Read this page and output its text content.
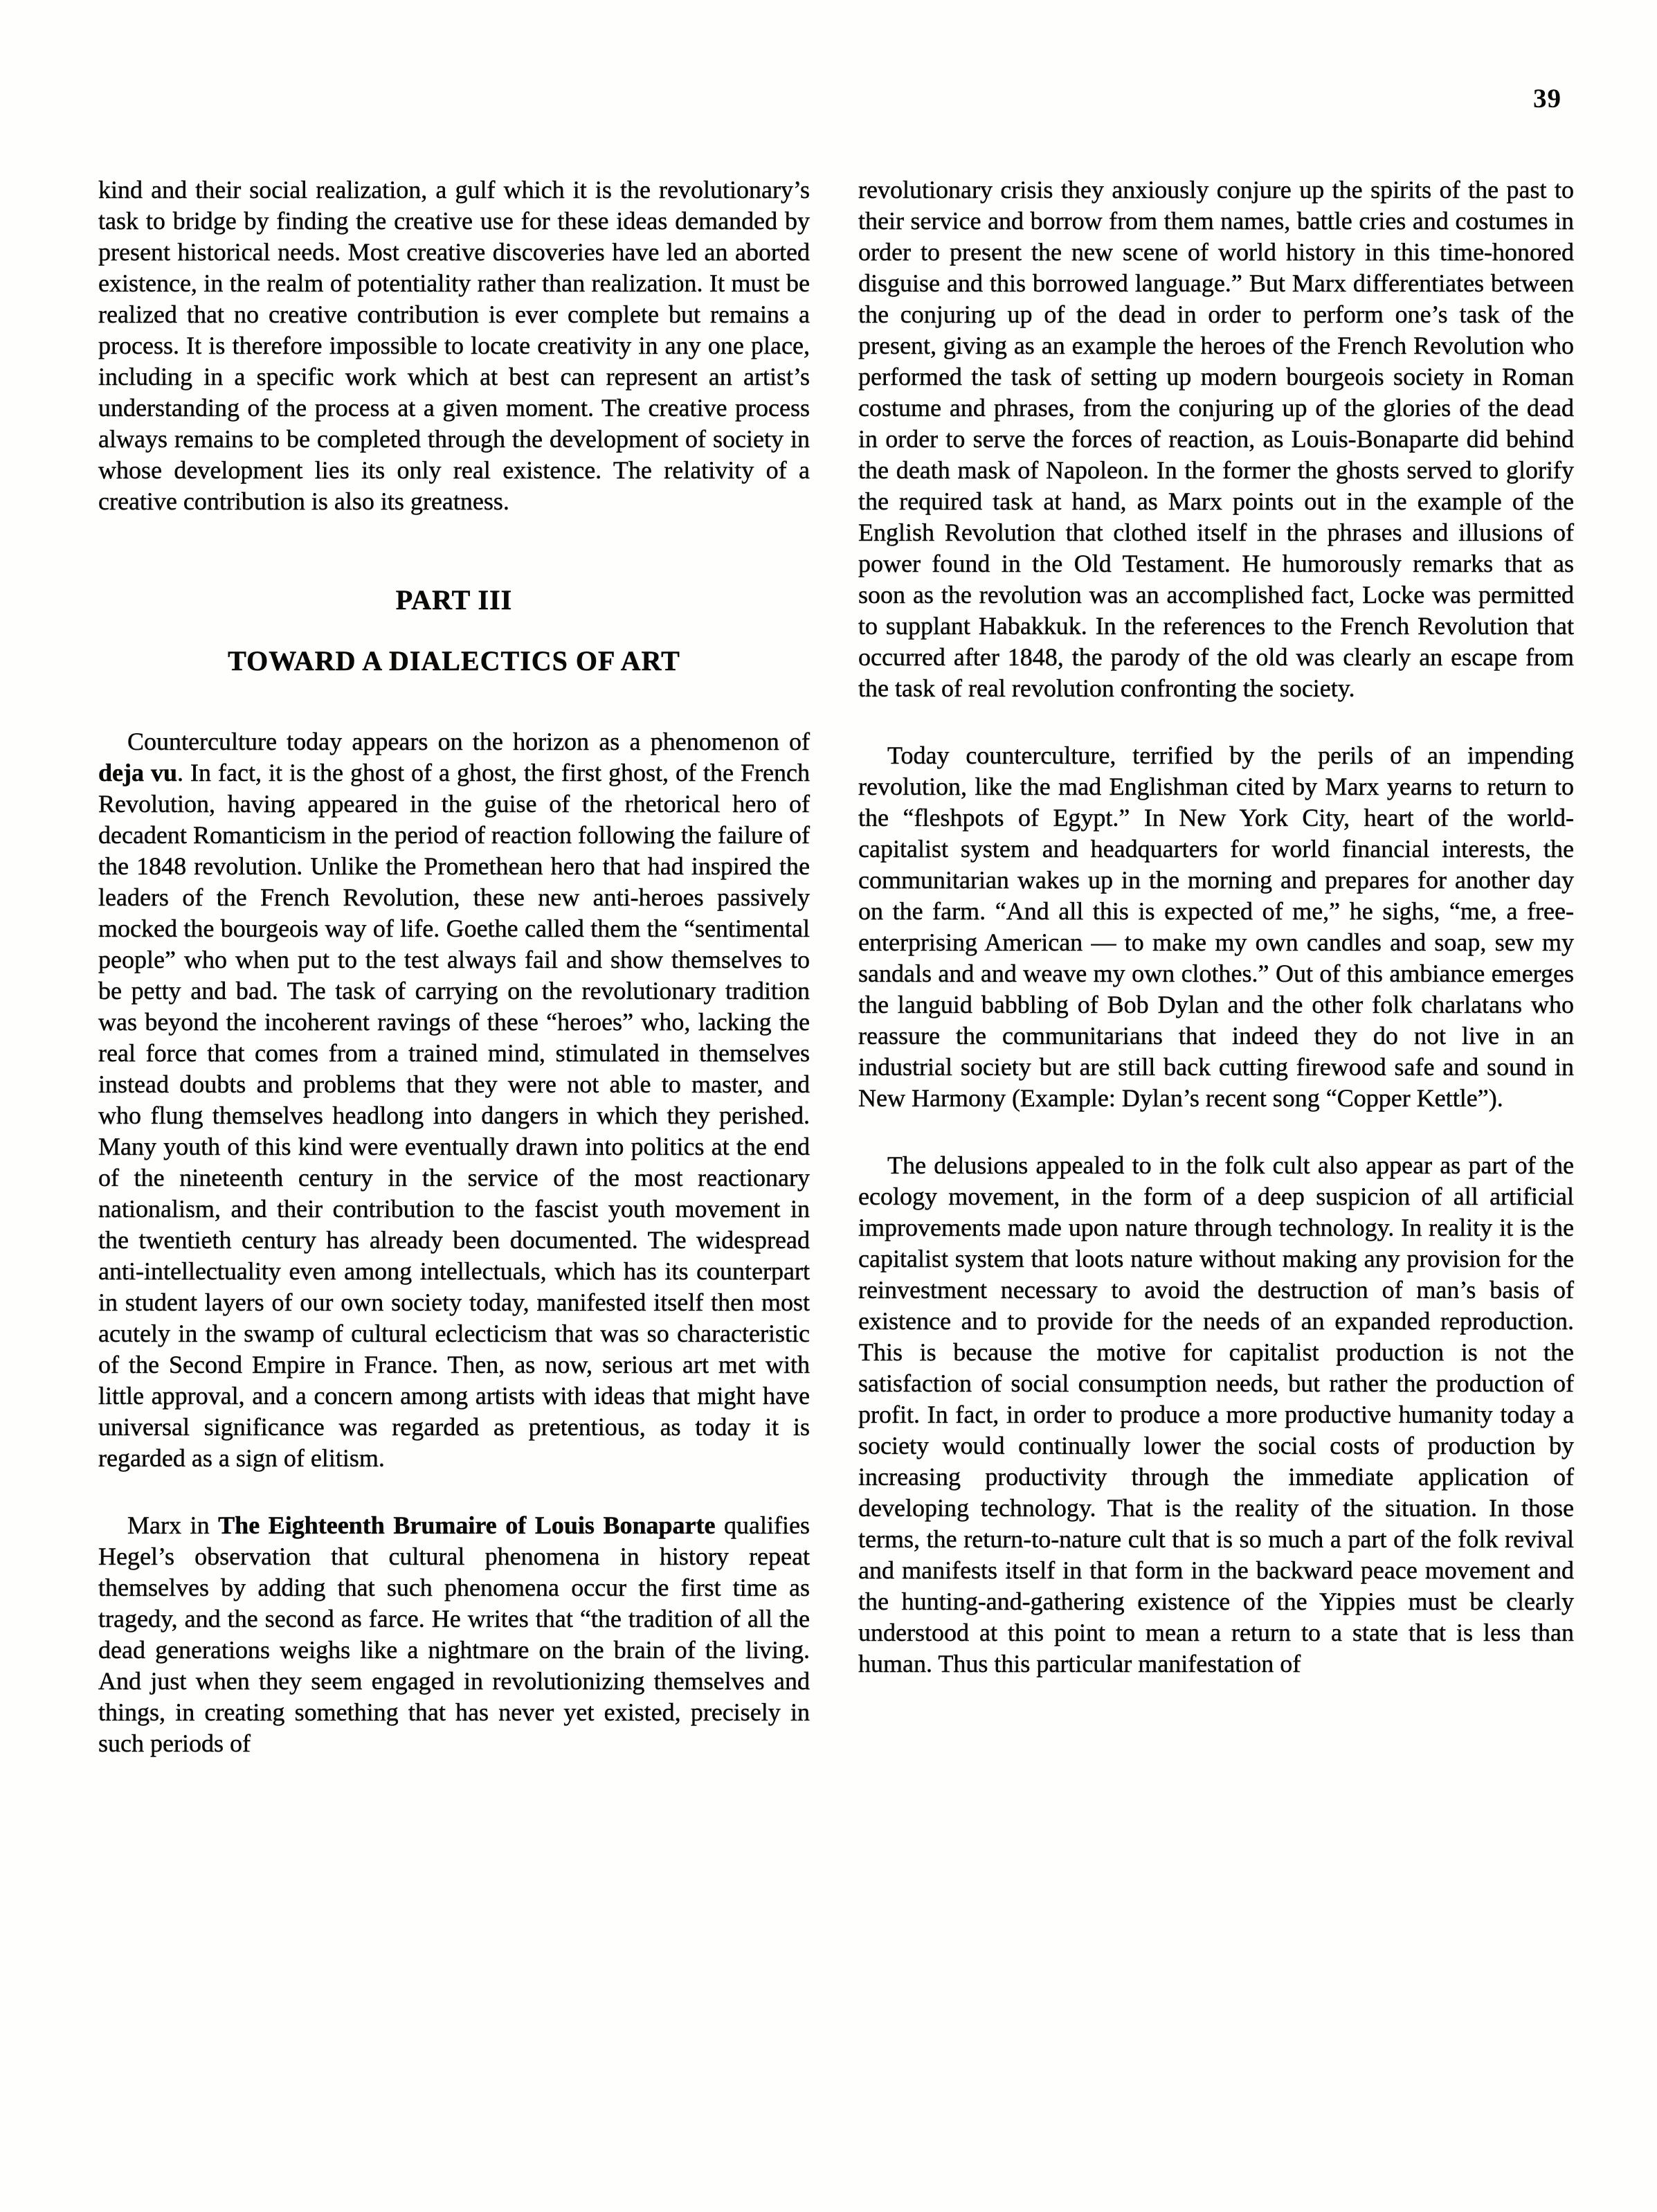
39

kind and their social realization, a gulf which it is the revolutionary’s task to bridge by finding the creative use for these ideas demanded by present historical needs. Most creative discoveries have led an aborted existence, in the realm of potentiality rather than realization. It must be realized that no creative contribution is ever complete but remains a process. It is therefore impossible to locate creativity in any one place, including in a specific work which at best can represent an artist’s understanding of the process at a given moment. The creative process always remains to be completed through the development of society in whose development lies its only real existence. The relativity of a creative contribution is also its greatness.

PART III

TOWARD A DIALECTICS OF ART

Counterculture today appears on the horizon as a phenomenon of deja vu. In fact, it is the ghost of a ghost, the first ghost, of the French Revolution, having appeared in the guise of the rhetorical hero of decadent Romanticism in the period of reaction following the failure of the 1848 revolution. Unlike the Promethean hero that had inspired the leaders of the French Revolution, these new anti-heroes passively mocked the bourgeois way of life. Goethe called them the “sentimental people” who when put to the test always fail and show themselves to be petty and bad. The task of carrying on the revolutionary tradition was beyond the incoherent ravings of these “heroes” who, lacking the real force that comes from a trained mind, stimulated in themselves instead doubts and problems that they were not able to master, and who flung themselves headlong into dangers in which they perished. Many youth of this kind were eventually drawn into politics at the end of the nineteenth century in the service of the most reactionary nationalism, and their contribution to the fascist youth movement in the twentieth century has already been documented. The widespread anti-intellectuality even among intellectuals, which has its counterpart in student layers of our own society today, manifested itself then most acutely in the swamp of cultural eclecticism that was so characteristic of the Second Empire in France. Then, as now, serious art met with little approval, and a concern among artists with ideas that might have universal significance was regarded as pretentious, as today it is regarded as a sign of elitism.

Marx in The Eighteenth Brumaire of Louis Bonaparte qualifies Hegel’s observation that cultural phenomena in history repeat themselves by adding that such phenomena occur the first time as tragedy, and the second as farce. He writes that “the tradition of all the dead generations weighs like a nightmare on the brain of the living. And just when they seem engaged in revolutionizing themselves and things, in creating something that has never yet existed, precisely in such periods of

revolutionary crisis they anxiously conjure up the spirits of the past to their service and borrow from them names, battle cries and costumes in order to present the new scene of world history in this time-honored disguise and this borrowed language.” But Marx differentiates between the conjuring up of the dead in order to perform one’s task of the present, giving as an example the heroes of the French Revolution who performed the task of setting up modern bourgeois society in Roman costume and phrases, from the conjuring up of the glories of the dead in order to serve the forces of reaction, as Louis-Bonaparte did behind the death mask of Napoleon. In the former the ghosts served to glorify the required task at hand, as Marx points out in the example of the English Revolution that clothed itself in the phrases and illusions of power found in the Old Testament. He humorously remarks that as soon as the revolution was an accomplished fact, Locke was permitted to supplant Habakkuk. In the references to the French Revolution that occurred after 1848, the parody of the old was clearly an escape from the task of real revolution confronting the society.

Today counterculture, terrified by the perils of an impending revolution, like the mad Englishman cited by Marx yearns to return to the “fleshpots of Egypt.” In New York City, heart of the world-capitalist system and headquarters for world financial interests, the communitarian wakes up in the morning and prepares for another day on the farm. “And all this is expected of me,” he sighs, “me, a free-enterprising American — to make my own candles and soap, sew my sandals and and weave my own clothes.” Out of this ambiance emerges the languid babbling of Bob Dylan and the other folk charlatans who reassure the communitarians that indeed they do not live in an industrial society but are still back cutting firewood safe and sound in New Harmony (Example: Dylan’s recent song “Copper Kettle”).

The delusions appealed to in the folk cult also appear as part of the ecology movement, in the form of a deep suspicion of all artificial improvements made upon nature through technology. In reality it is the capitalist system that loots nature without making any provision for the reinvestment necessary to avoid the destruction of man’s basis of existence and to provide for the needs of an expanded reproduction. This is because the motive for capitalist production is not the satisfaction of social consumption needs, but rather the production of profit. In fact, in order to produce a more productive humanity today a society would continually lower the social costs of production by increasing productivity through the immediate application of developing technology. That is the reality of the situation. In those terms, the return-to-nature cult that is so much a part of the folk revival and manifests itself in that form in the backward peace movement and the hunting-and-gathering existence of the Yippies must be clearly understood at this point to mean a return to a state that is less than human. Thus this particular manifestation of
